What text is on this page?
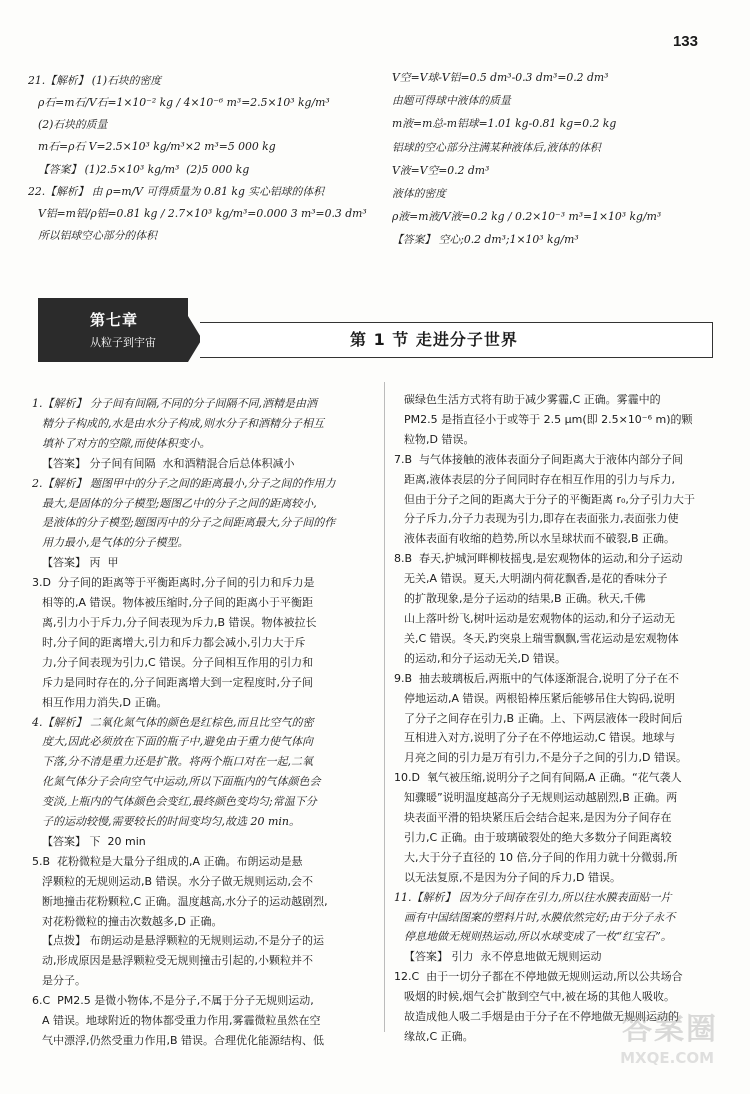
133
21.【解析】 (1)石块的密度
ρ石=m石/V石=1×10⁻² kg / 4×10⁻⁶ m³=2.5×10³ kg/m³
(2)石块的质量
m石=ρ石 V=2.5×10³ kg/m³×2 m³=5 000 kg
【答案】 (1)2.5×10³ kg/m³  (2)5 000 kg
22.【解析】 由 ρ=m/V 可得质量为 0.81 kg 实心铝球的体积
V铝=m铝/ρ铝=0.81 kg / 2.7×10³ kg/m³=0.000 3 m³=0.3 dm³
所以铝球空心部分的体积
V空=V球-V铝=0.5 dm³-0.3 dm³=0.2 dm³
由题可得球中液体的质量
m液=m总-m铝球=1.01 kg-0.81 kg=0.2 kg
铝球的空心部分注满某种液体后,液体的体积
V液=V空=0.2 dm³
液体的密度
ρ液=m液/V液=0.2 kg / 0.2×10⁻³ m³=1×10³ kg/m³
【答案】 空心;0.2 dm³;1×10³ kg/m³
第七章
从粒子到宇宙	第 1 节 走进分子世界
1.【解析】 分子间有间隔,不同的分子间隔不同,酒精是由酒
精分子构成的,水是由水分子构成,则水分子和酒精分子相互
填补了对方的空隙,而使体积变小。
【答案】 分子间有间隔  水和酒精混合后总体积减小
2.【解析】 题图甲中的分子之间的距离最小,分子之间的作用力
最大,是固体的分子模型;题图乙中的分子之间的距离较小,
是液体的分子模型;题图丙中的分子之间距离最大,分子间的作
用力最小,是气体的分子模型。
【答案】 丙  甲
3.D  分子间的距离等于平衡距离时,分子间的引力和斥力是
相等的,A 错误。物体被压缩时,分子间的距离小于平衡距
离,引力小于斥力,分子间表现为斥力,B 错误。物体被拉长
时,分子间的距离增大,引力和斥力都会减小,引力大于斥
力,分子间表现为引力,C 错误。分子间相互作用的引力和
斥力是同时存在的,分子间距离增大到一定程度时,分子间
相互作用力消失,D 正确。
4.【解析】 二氧化氮气体的颜色是红棕色,而且比空气的密
度大,因此必须放在下面的瓶子中,避免由于重力使气体向
下落,分不清是重力还是扩散。将两个瓶口对在一起,二氧
化氮气体分子会向空气中运动,所以下面瓶内的气体颜色会
变淡,上瓶内的气体颜色会变红,最终颜色变均匀;常温下分
子的运动较慢,需要较长的时间变均匀,故选 20 min。
【答案】 下  20 min
5.B  花粉微粒是大量分子组成的,A 正确。布朗运动是悬
浮颗粒的无规则运动,B 错误。水分子做无规则运动,会不
断地撞击花粉颗粒,C 正确。温度越高,水分子的运动越剧烈,
对花粉微粒的撞击次数越多,D 正确。
【点拨】 布朗运动是悬浮颗粒的无规则运动,不是分子的运
动,形成原因是悬浮颗粒受无规则撞击引起的,小颗粒并不
是分子。
6.C  PM2.5 是微小物体,不是分子,不属于分子无规则运动,
A 错误。地球附近的物体都受重力作用,雾霾微粒虽然在空
气中漂浮,仍然受重力作用,B 错误。合理优化能源结构、低
碳绿色生活方式将有助于减少雾霾,C 正确。雾霾中的
PM2.5 是指直径小于或等于 2.5 μm(即 2.5×10⁻⁶ m)的颗
粒物,D 错误。
7.B  与气体接触的液体表面分子间距离大于液体内部分子间
距离,液体表层的分子间同时存在相互作用的引力与斥力,
但由于分子之间的距离大于分子的平衡距离 r₀,分子引力大于
分子斥力,分子力表现为引力,即存在表面张力,表面张力使
液体表面有收缩的趋势,所以水呈球状而不破裂,B 正确。
8.B  春天,护城河畔柳枝摇曳,是宏观物体的运动,和分子运动
无关,A 错误。夏天,大明湖内荷花飘香,是花的香味分子
的扩散现象,是分子运动的结果,B 正确。秋天,千佛
山上落叶纷飞,树叶运动是宏观物体的运动,和分子运动无
关,C 错误。冬天,趵突泉上瑞雪飘飘,雪花运动是宏观物体
的运动,和分子运动无关,D 错误。
9.B  抽去玻璃板后,两瓶中的气体逐渐混合,说明了分子在不
停地运动,A 错误。两根铅棒压紧后能够吊住大钩码,说明
了分子之间存在引力,B 正确。上、下两层液体一段时间后
互相进入对方,说明了分子在不停地运动,C 错误。地球与
月亮之间的引力是万有引力,不是分子之间的引力,D 错误。
10.D  氧气被压缩,说明分子之间有间隔,A 正确。“花气袭人
知骤暖”说明温度越高分子无规则运动越剧烈,B 正确。两
块表面平滑的铅块紧压后会结合起来,是因为分子间存在
引力,C 正确。由于玻璃破裂处的绝大多数分子间距离较
大,大于分子直径的 10 倍,分子间的作用力就十分微弱,所
以无法复原,不是因为分子间的斥力,D 错误。
11.【解析】 因为分子间存在引力,所以往水膜表面贴一片
画有中国结图案的塑料片时,水膜依然完好;由于分子永不
停息地做无规则热运动,所以水球变成了一枚“红宝石”。
【答案】 引力  永不停息地做无规则运动
12.C  由于一切分子都在不停地做无规则运动,所以公共场合
吸烟的时候,烟气会扩散到空气中,被在场的其他人吸收。
故造成他人吸二手烟是由于分子在不停地做无规则运动的
缘故,C 正确。	答案圈
MXQE.COM
